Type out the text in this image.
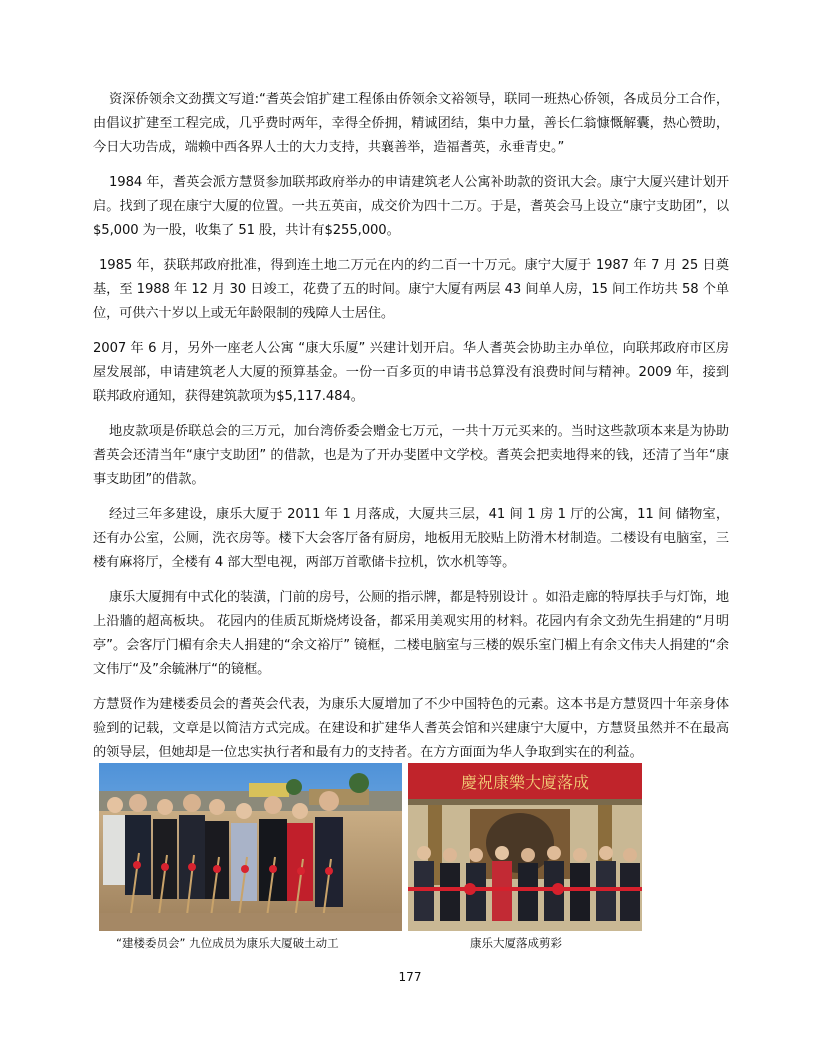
资深侨领余文劲撰文写道:“耆英会馆扩建工程係由侨领余文裕领导，联同一班热心侨领，各成员分工合作，由倡议扩建至工程完成，几乎费时两年，幸得全侨拥，精诚团结，集中力量，善长仁翁慷慨解囊，热心赞助，今日大功告成，端赖中西各界人士的大力支持，共襄善举，造福耆英，永垂青史。”

1984 年，耆英会派方慧贤参加联邦政府举办的申请建筑老人公寓补助款的资讯大会。康宁大厦兴建计划开启。找到了现在康宁大厦的位置。一共五英亩，成交价为四十二万。于是，耆英会马上设立“康宁支助团”，以$5,000 为一股，收集了 51 股，共计有$255,000。

1985 年，获联邦政府批准，得到连土地二万元在内的约二百一十万元。康宁大厦于 1987 年 7 月 25 日奠基，至 1988 年 12 月 30 日竣工，花费了五的时间。康宁大厦有两层 43 间单人房，15 间工作坊共 58 个单位，可供六十岁以上或无年龄限制的残障人士居住。

2007 年 6 月，另外一座老人公寓 “康大乐厦” 兴建计划开启。华人耆英会协助主办单位，向联邦政府市区房屋发展部，申请建筑老人大厦的预算基金。一份一百多页的申请书总算没有浪费时间与精神。2009 年，接到联邦政府通知，获得建筑款项为$5,117.484。

地皮款项是侨联总会的三万元，加台湾侨委会赠金七万元，一共十万元买来的。当时这些款项本来是为协助耆英会还清当年“康宁支助团” 的借款，也是为了开办斐匿中文学校。耆英会把卖地得来的钱，还清了当年“康事支助团”的借款。

经过三年多建设，康乐大厦于 2011 年 1 月落成，大厦共三层，41 间 1 房 1 厅的公寓，11 间 储物室，还有办公室，公厕，洗衣房等。楼下大会客厅备有厨房，地板用无胶贴上防滑木材制造。二楼设有电脑室，三楼有麻将厅，全楼有 4 部大型电视，两部万首歌储卡拉机，饮水机等等。

康乐大厦拥有中式化的装潢，门前的房号，公厕的指示牌，都是特别设计 。如沿走廊的特厚扶手与灯饰，地上沿牆的超高板块。 花园内的佳质瓦斯烧烤设备，都采用美观实用的材料。花园内有余文劲先生捐建的“月明亭”。会客厅门楣有余夫人捐建的“余文裕厅” 镜框，二楼电脑室与三楼的娱乐室门楣上有余文伟夫人捐建的“余文伟厅“及”余毓淋厅“的镜框。

方慧贤作为建楼委员会的耆英会代表，为康乐大厦增加了不少中国特色的元素。这本书是方慧贤四十年亲身体验到的记载，文章是以简洁方式完成。在建设和扩建华人耆英会馆和兴建康宁大厦中，方慧贤虽然并不在最高的领导层，但她却是一位忠实执行者和最有力的支持者。在方方面面为华人争取到实在的利益。

慶祝康樂大廈落成
“建楼委员会” 九位成员为康乐大厦破土动工	康乐大厦落成剪彩
177
